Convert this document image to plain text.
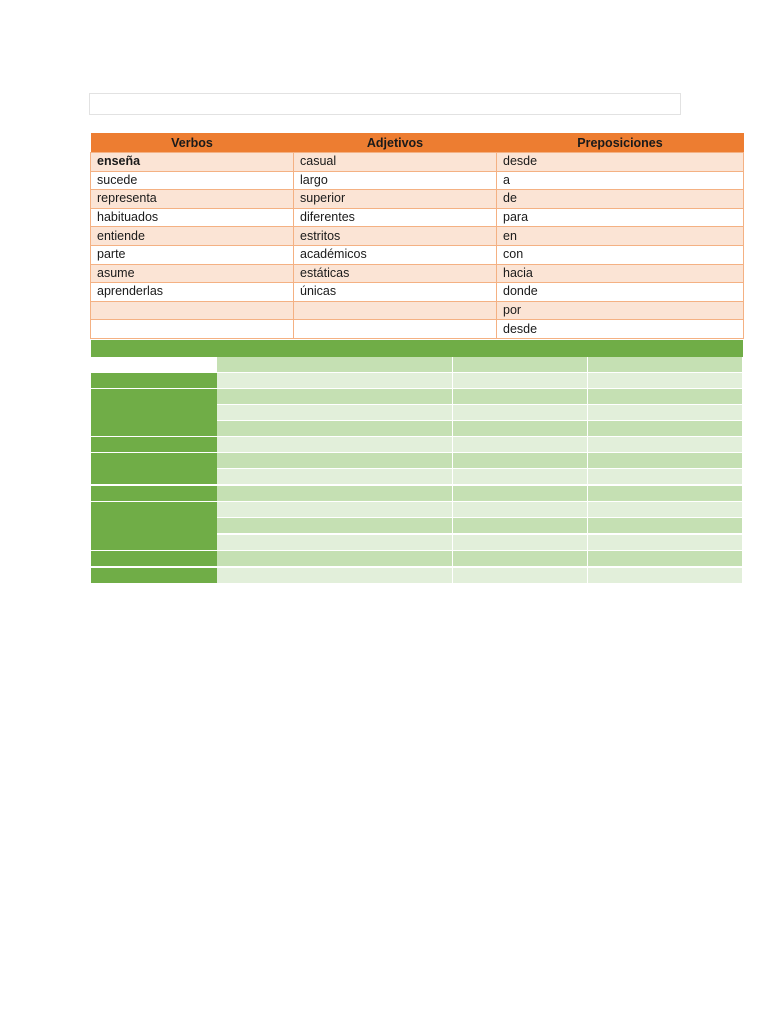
Verbos	Adjetivos	Preposiciones
enseña	casual	desde
sucede	largo	a
representa	superior	de
habituados	diferentes	para
entiende	estritos	en
parte	académicos	con
asume	estáticas	hacia
aprenderlas	únicas	donde
		por
		desde
